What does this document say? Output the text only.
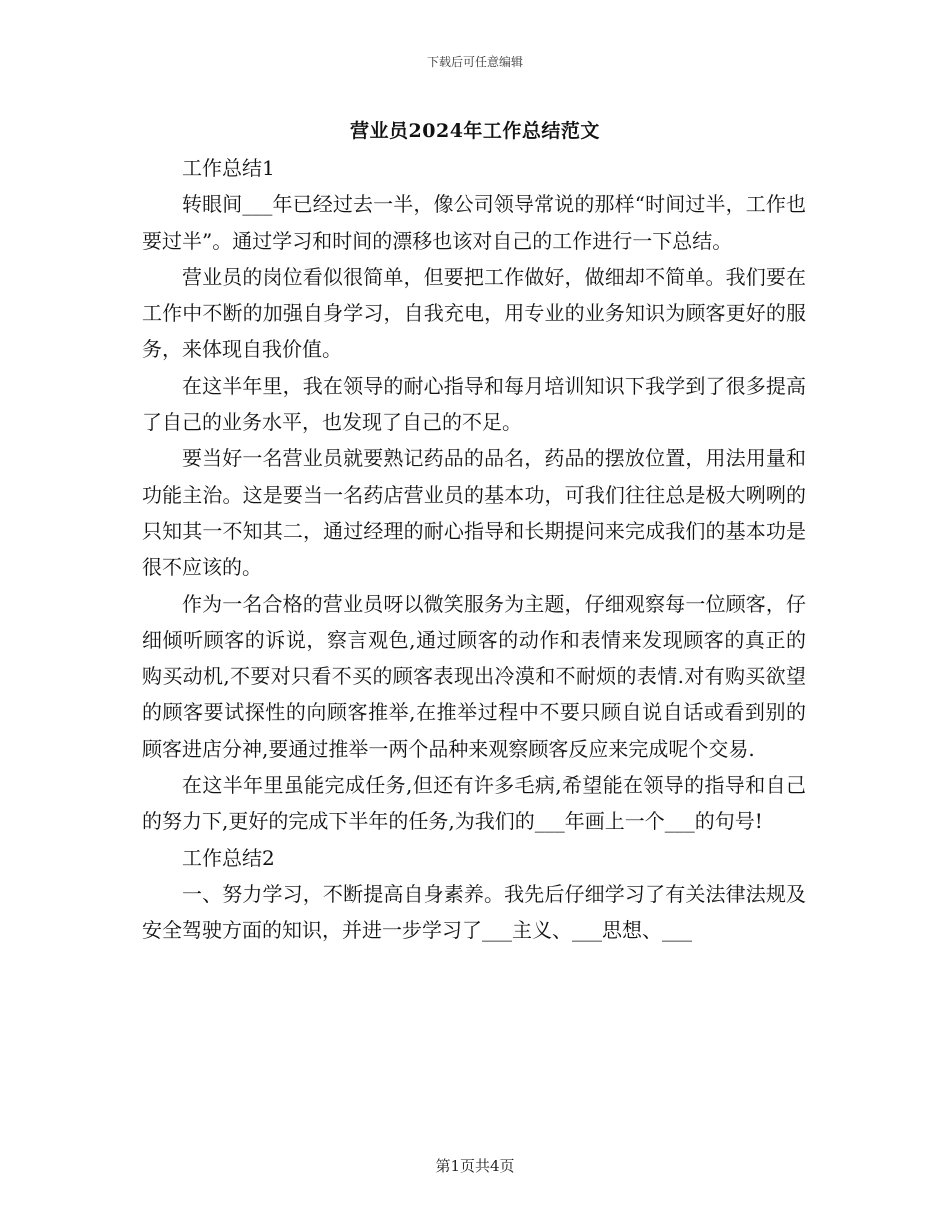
下载后可任意编辑
营业员2024年工作总结范文

工作总结1

转眼间___年已经过去一半，像公司领导常说的那样“时间过半，工作也要过半”。通过学习和时间的漂移也该对自己的工作进行一下总结。

营业员的岗位看似很简单，但要把工作做好，做细却不简单。我们要在工作中不断的加强自身学习，自我充电，用专业的业务知识为顾客更好的服务，来体现自我价值。

在这半年里，我在领导的耐心指导和每月培训知识下我学到了很多提高了自己的业务水平，也发现了自己的不足。

要当好一名营业员就要熟记药品的品名，药品的摆放位置，用法用量和功能主治。这是要当一名药店营业员的基本功，可我们往往总是极大咧咧的只知其一不知其二，通过经理的耐心指导和长期提问来完成我们的基本功是很不应该的。

作为一名合格的营业员呀以微笑服务为主题，仔细观察每一位顾客，仔细倾听顾客的诉说，察言观色,通过顾客的动作和表情来发现顾客的真正的购买动机,不要对只看不买的顾客表现出冷漠和不耐烦的表情.对有购买欲望的顾客要试探性的向顾客推举,在推举过程中不要只顾自说自话或看到别的顾客进店分神,要通过推举一两个品种来观察顾客反应来完成呢个交易.

在这半年里虽能完成任务,但还有许多毛病,希望能在领导的指导和自己的努力下,更好的完成下半年的任务,为我们的___年画上一个___的句号!

工作总结2

一、努力学习，不断提高自身素养。我先后仔细学习了有关法律法规及安全驾驶方面的知识，并进一步学习了___主义、___思想、___

第1页共4页
